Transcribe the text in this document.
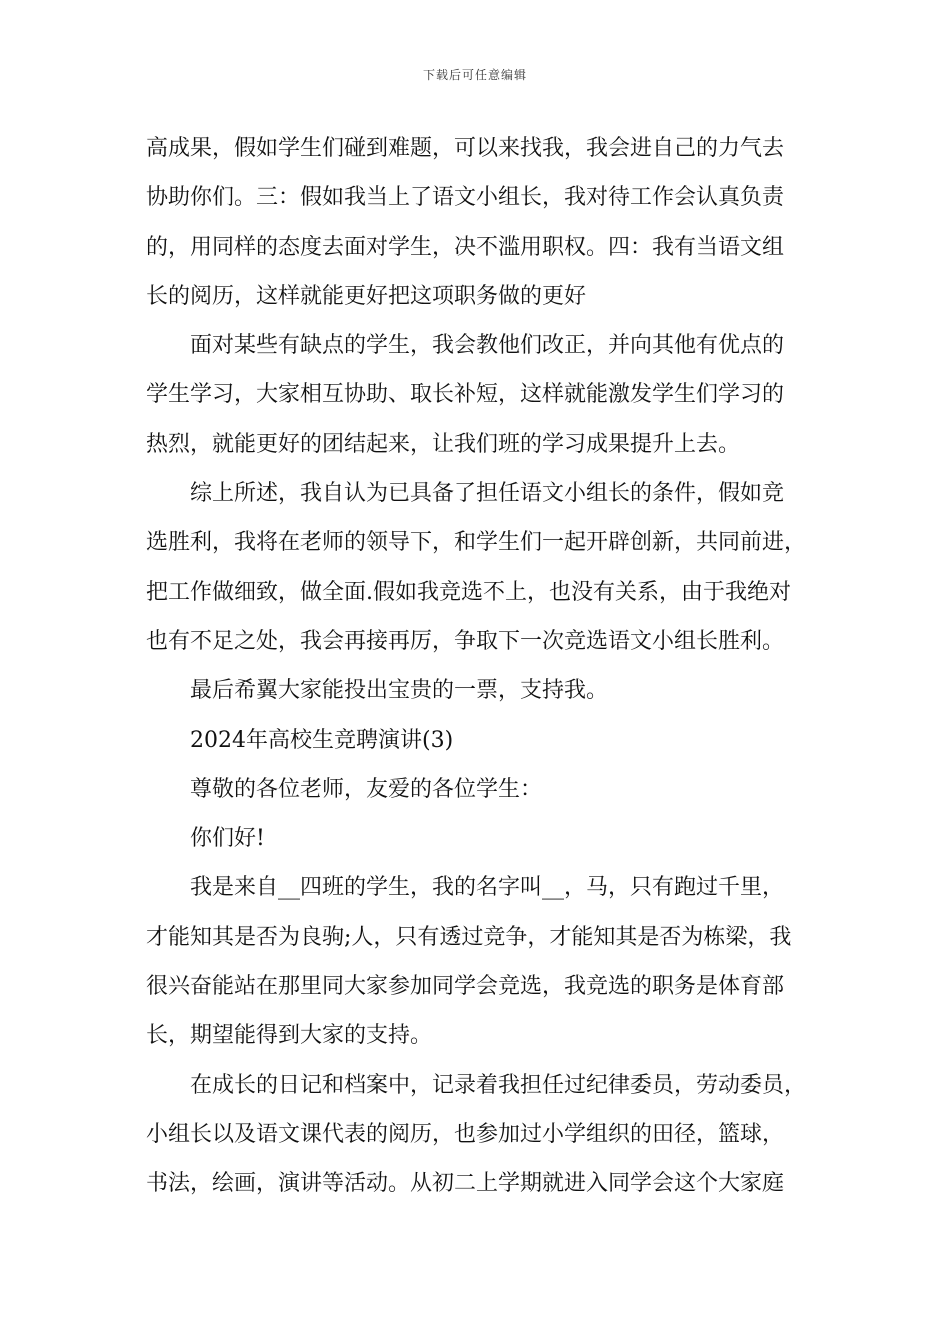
下载后可任意编辑
高成果，假如学生们碰到难题，可以来找我，我会进自己的力气去
协助你们。三：假如我当上了语文小组长，我对待工作会认真负责
的，用同样的态度去面对学生，决不滥用职权。四：我有当语文组
长的阅历，这样就能更好把这项职务做的更好
面对某些有缺点的学生，我会教他们改正，并向其他有优点的
学生学习，大家相互协助、取长补短，这样就能激发学生们学习的
热烈，就能更好的团结起来，让我们班的学习成果提升上去。
综上所述，我自认为已具备了担任语文小组长的条件，假如竞
选胜利，我将在老师的领导下，和学生们一起开辟创新，共同前进，
把工作做细致，做全面.假如我竞选不上，也没有关系，由于我绝对
也有不足之处，我会再接再厉，争取下一次竞选语文小组长胜利。
最后希翼大家能投出宝贵的一票，支持我。
2024年高校生竞聘演讲(3)
尊敬的各位老师，友爱的各位学生：
你们好!
我是来自__四班的学生，我的名字叫__，马，只有跑过千里，
才能知其是否为良驹;人，只有透过竞争，才能知其是否为栋梁，我
很兴奋能站在那里同大家参加同学会竞选，我竞选的职务是体育部
长，期望能得到大家的支持。
在成长的日记和档案中，记录着我担任过纪律委员，劳动委员，
小组长以及语文课代表的阅历，也参加过小学组织的田径，篮球，
书法，绘画，演讲等活动。从初二上学期就进入同学会这个大家庭
